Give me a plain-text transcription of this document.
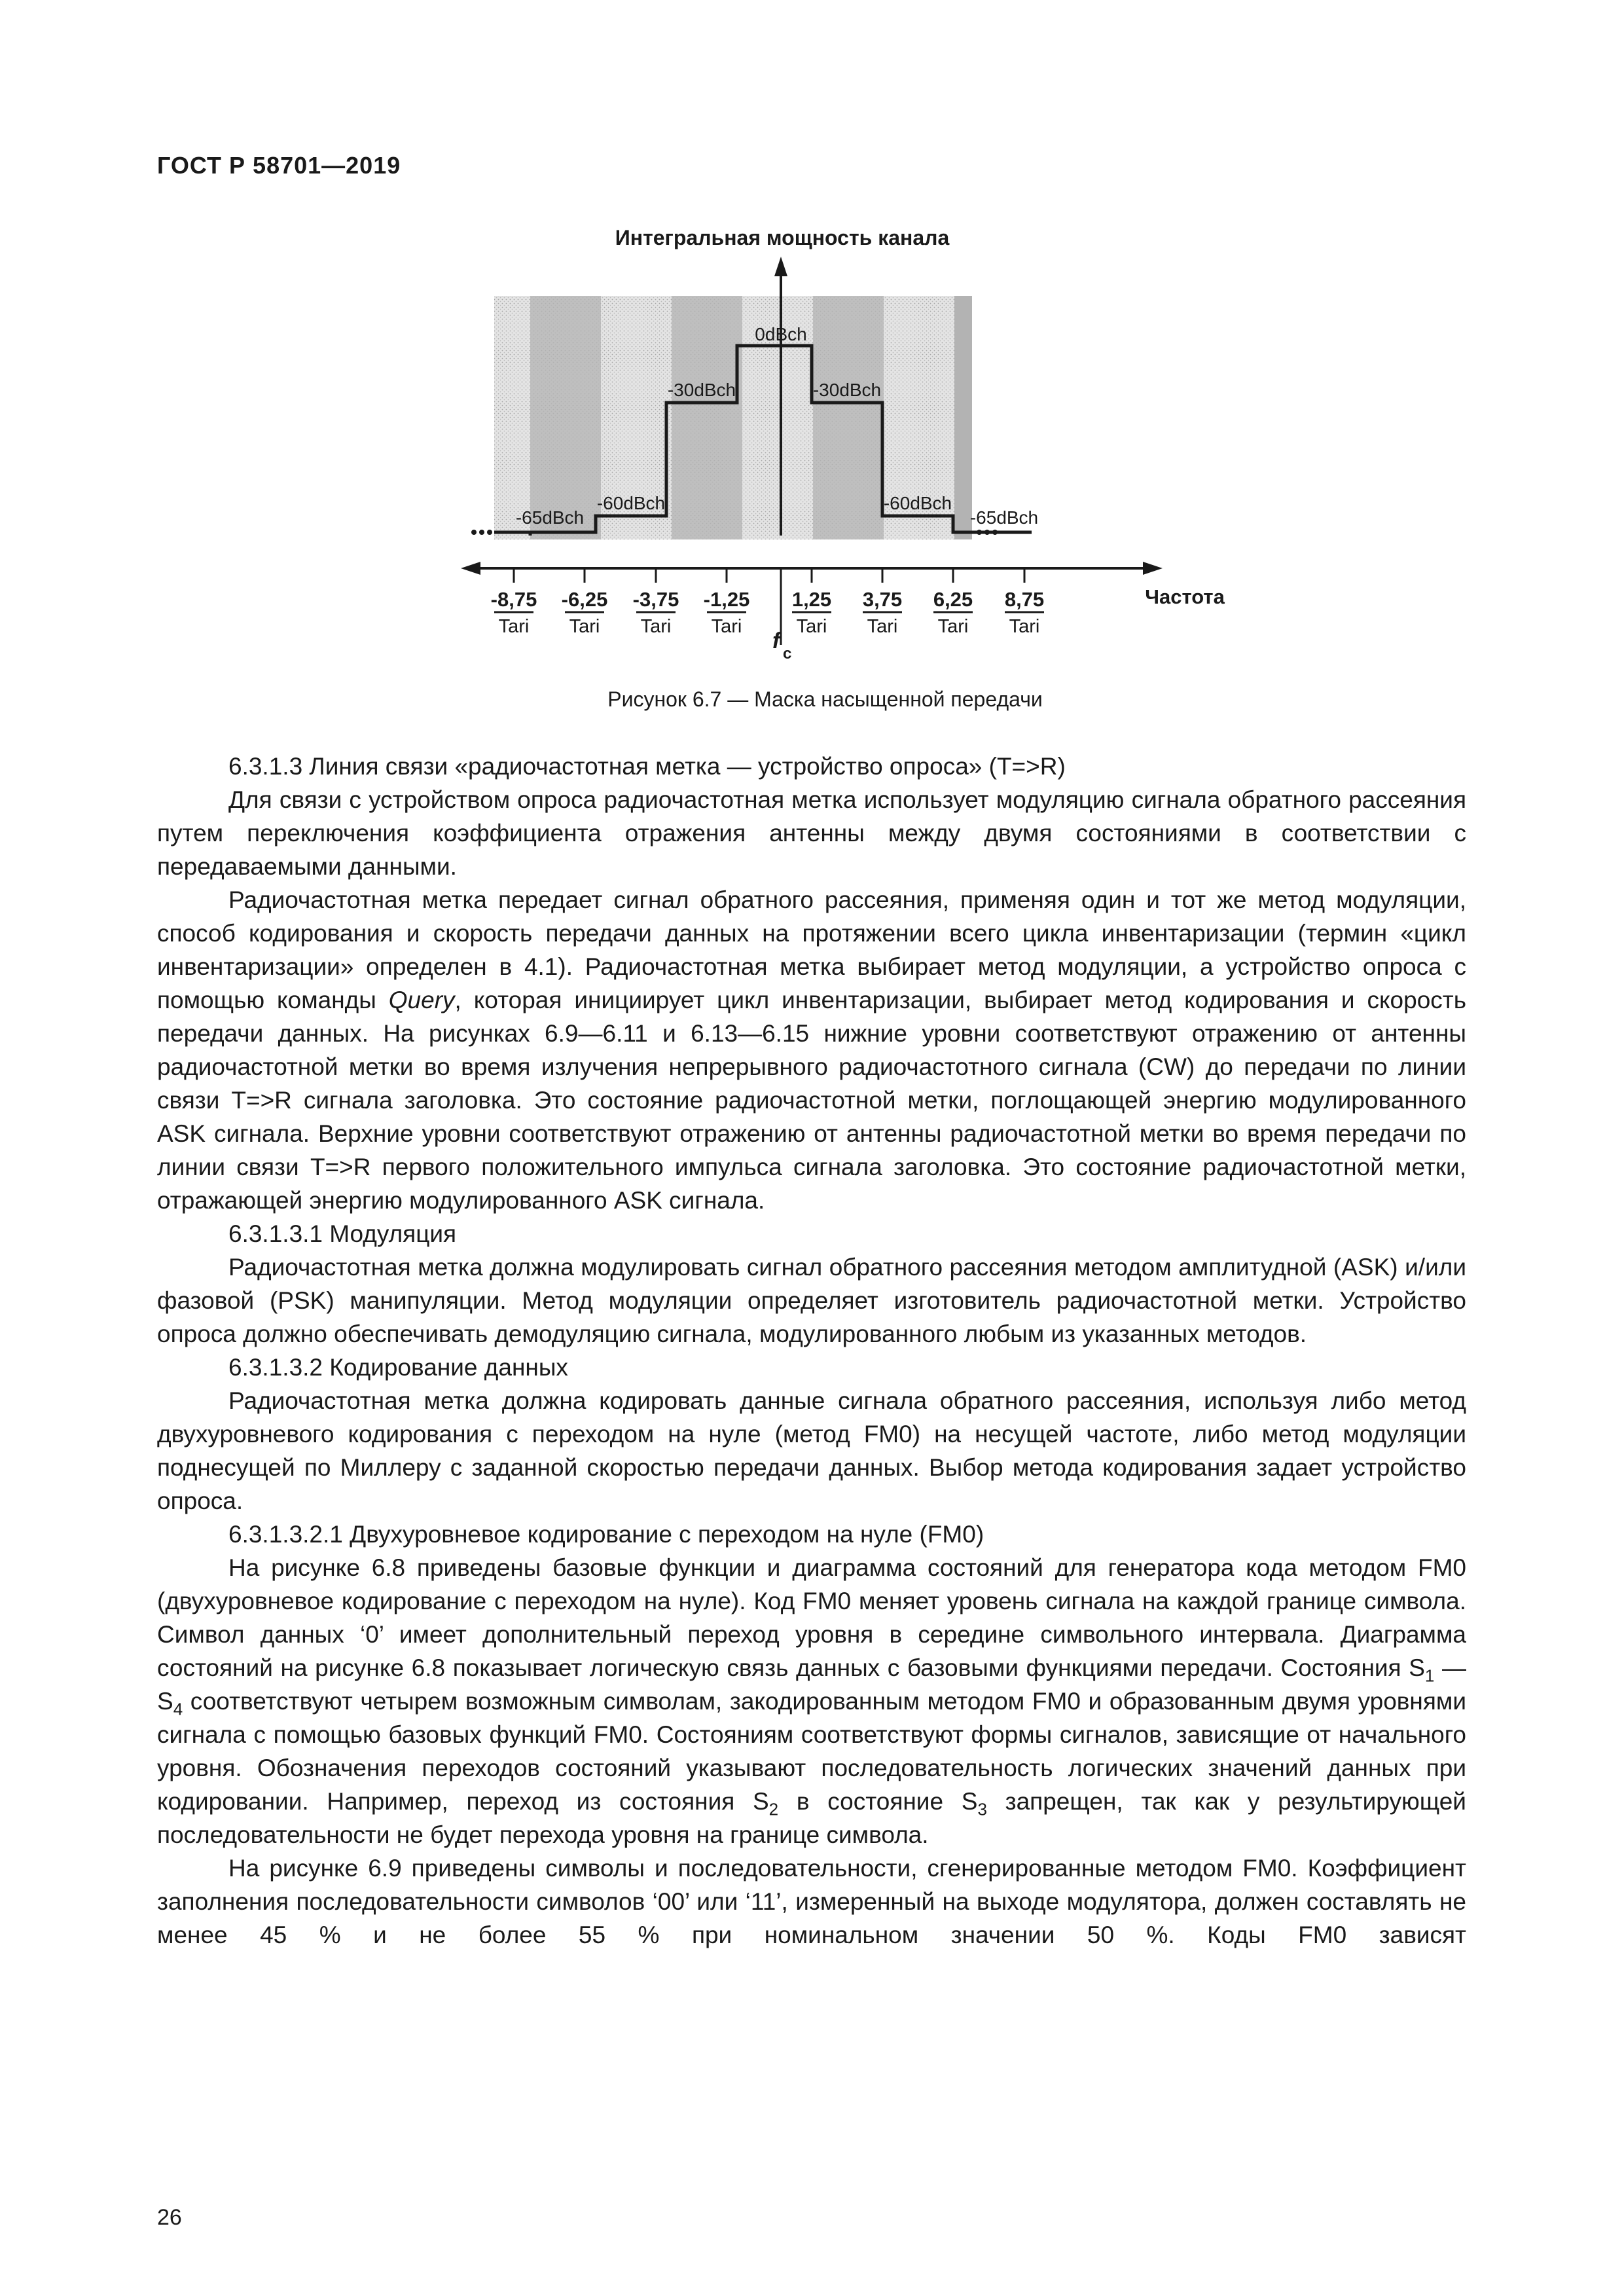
ГОСТ Р 58701—2019
Интегральная мощность канала
0dBch
-30dBch	-30dBch
-60dBch	-60dBch
-65dBch	-65dBch
Частота
f
c
-8,75
Tari
-6,25
Tari
-3,75
Tari
-1,25
Tari
1,25
Tari
3,75
Tari
6,25
Tari
8,75
Tari
Рисунок 6.7 — Маска насыщенной передачи

6.3.1.3 Линия связи «радиочастотная метка — устройство опроса» (T=>R)

Для связи с устройством опроса радиочастотная метка использует модуляцию сигнала обратного рассеяния путем переключения коэффициента отражения антенны между двумя состояниями в соответствии с передаваемыми данными.

Радиочастотная метка передает сигнал обратного рассеяния, применяя один и тот же метод модуляции, способ кодирования и скорость передачи данных на протяжении всего цикла инвентаризации (термин «цикл инвентаризации» определен в 4.1). Радиочастотная метка выбирает метод модуляции, а устройство опроса с помощью команды Query, которая инициирует цикл инвентаризации, выбирает метод кодирования и скорость передачи данных. На рисунках 6.9—6.11 и 6.13—6.15 нижние уровни соответствуют отражению от антенны радиочастотной метки во время излучения непрерывного радиочастотного сигнала (CW) до передачи по линии связи T=>R сигнала заголовка. Это состояние радиочастотной метки, поглощающей энергию модулированного ASK сигнала. Верхние уровни соответствуют отражению от антенны радиочастотной метки во время передачи по линии связи T=>R первого положительного импульса сигнала заголовка. Это состояние радиочастотной метки, отражающей энергию модулированного ASK сигнала.

6.3.1.3.1 Модуляция

Радиочастотная метка должна модулировать сигнал обратного рассеяния методом амплитудной (ASK) и/или фазовой (PSK) манипуляции. Метод модуляции определяет изготовитель радиочастотной метки. Устройство опроса должно обеспечивать демодуляцию сигнала, модулированного любым из указанных методов.

6.3.1.3.2 Кодирование данных

Радиочастотная метка должна кодировать данные сигнала обратного рассеяния, используя либо метод двухуровневого кодирования с переходом на нуле (метод FM0) на несущей частоте, либо метод модуляции поднесущей по Миллеру с заданной скоростью передачи данных. Выбор метода кодирования задает устройство опроса.

6.3.1.3.2.1 Двухуровневое кодирование с переходом на нуле (FM0)

На рисунке 6.8 приведены базовые функции и диаграмма состояний для генератора кода методом FM0 (двухуровневое кодирование с переходом на нуле). Код FM0 меняет уровень сигнала на каждой границе символа. Символ данных ‘0’ имеет дополнительный переход уровня в середине символьного интервала. Диаграмма состояний на рисунке 6.8 показывает логическую связь данных с базовыми функциями передачи. Состояния $S_1$ — $S_4$ соответствуют четырем возможным символам, закодированным методом FM0 и образованным двумя уровнями сигнала с помощью базовых функций FM0. Состояниям соответствуют формы сигналов, зависящие от начального уровня. Обозначения переходов состояний указывают последовательность логических значений данных при кодировании. Например, переход из состояния $S_2$ в состояние $S_3$ запрещен, так как у результирующей последовательности не будет перехода уровня на границе символа.

На рисунке 6.9 приведены символы и последовательности, сгенерированные методом FM0. Коэффициент заполнения последовательности символов ‘00’ или ‘11’, измеренный на выходе модулятора, должен составлять не менее 45 % и не более 55 % при номинальном значении 50 %. Коды FM0 зависят

26
